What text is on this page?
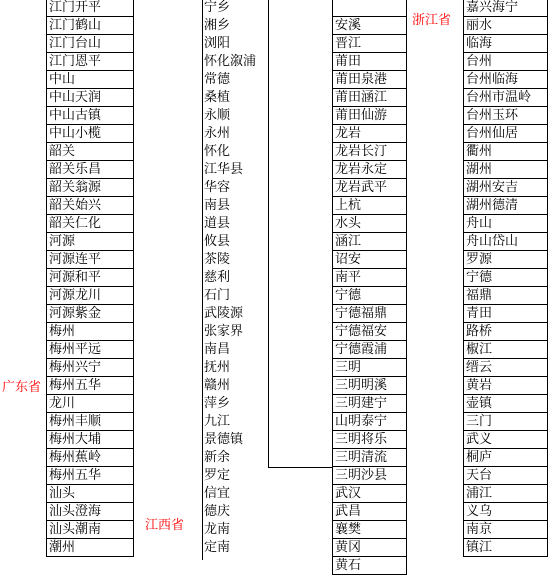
江门开平
江门鹤山
江门台山
江门恩平
中山
中山天润
中山古镇
中山小榄
韶关
韶关乐昌
韶关翁源
韶关始兴
韶关仁化
河源
河源连平
河源和平
河源龙川
河源紫金
梅州
梅州平远
梅州兴宁
梅州五华
龙川
梅州丰顺
梅州大埔
梅州蕉岭
梅州五华
汕头
汕头澄海
汕头潮南
潮州
宁乡
湘乡
浏阳
怀化溆浦
常德
桑植
永顺
永州
怀化
江华县
华容
南县
道县
攸县
茶陵
慈利
石门
武陵源
张家界
南昌
抚州
赣州
萍乡
九江
景德镇
新余
罗定
信宜
德庆
龙南
定南
安溪
晋江
莆田
莆田泉港
莆田涵江
莆田仙游
龙岩
龙岩长汀
龙岩永定
龙岩武平
上杭
水头
涵江
诏安
南平
宁德
宁德福鼎
宁德福安
宁德霞浦
三明
三明明溪
三明建宁
山明泰宁
三明将乐
三明清流
三明沙县
武汉
武昌
襄樊
黄冈
黄石
嘉兴海宁
丽水
临海
台州
台州临海
台州市温岭
台州玉环
台州仙居
衢州
湖州
湖州安吉
湖州德清
舟山
舟山岱山
罗源
宁德
福鼎
青田
路桥
椒江
缙云
黄岩
壶镇
三门
武义
桐庐
天台
浦江
义乌
南京
镇江
广东省
江西省
浙江省
